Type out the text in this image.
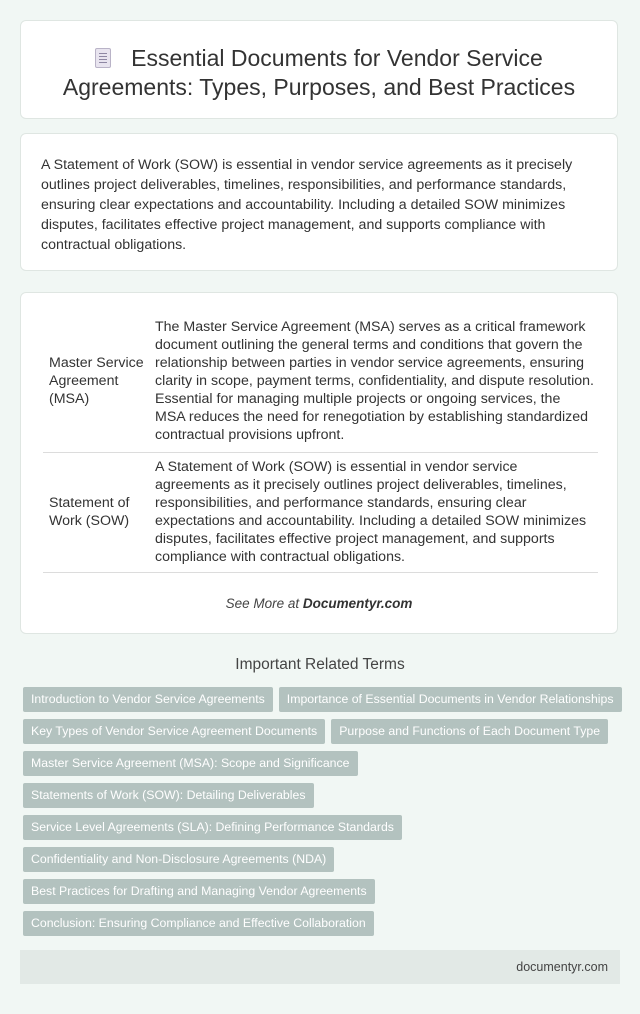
Essential Documents for Vendor Service Agreements: Types, Purposes, and Best Practices

A Statement of Work (SOW) is essential in vendor service agreements as it precisely outlines project deliverables, timelines, responsibilities, and performance standards, ensuring clear expectations and accountability. Including a detailed SOW minimizes disputes, facilitates effective project management, and supports compliance with contractual obligations.

Master Service Agreement (MSA)	The Master Service Agreement (MSA) serves as a critical framework document outlining the general terms and conditions that govern the relationship between parties in vendor service agreements, ensuring clarity in scope, payment terms, confidentiality, and dispute resolution. Essential for managing multiple projects or ongoing services, the MSA reduces the need for renegotiation by establishing standardized contractual provisions upfront.
Statement of Work (SOW)	A Statement of Work (SOW) is essential in vendor service agreements as it precisely outlines project deliverables, timelines, responsibilities, and performance standards, ensuring clear expectations and accountability. Including a detailed SOW minimizes disputes, facilitates effective project management, and supports compliance with contractual obligations.
See More at Documentyr.com
Important Related Terms
Introduction to Vendor Service Agreements Importance of Essential Documents in Vendor Relationships
Key Types of Vendor Service Agreement Documents Purpose and Functions of Each Document Type
Master Service Agreement (MSA): Scope and Significance
Statements of Work (SOW): Detailing Deliverables
Service Level Agreements (SLA): Defining Performance Standards
Confidentiality and Non-Disclosure Agreements (NDA)
Best Practices for Drafting and Managing Vendor Agreements
Conclusion: Ensuring Compliance and Effective Collaboration
documentyr.com
